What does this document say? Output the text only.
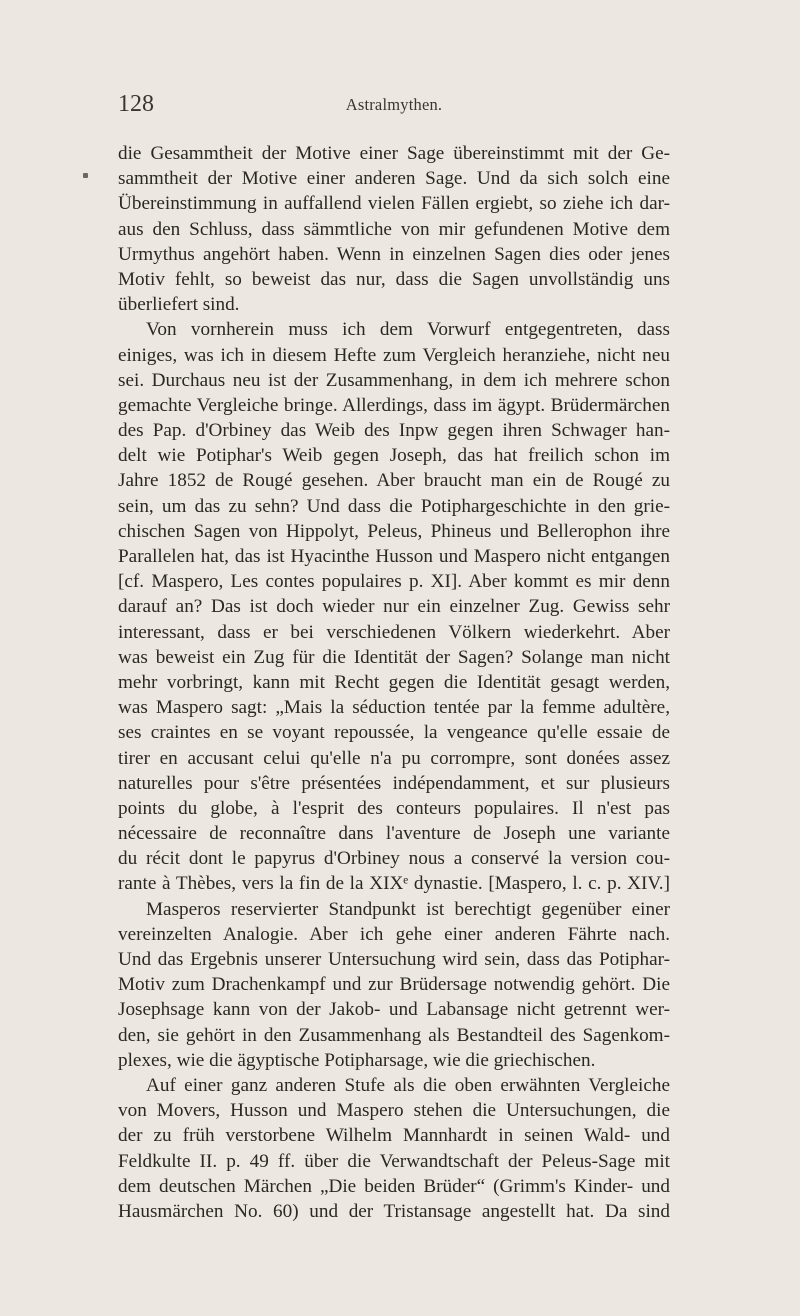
128	Astralmythen.
die Gesammtheit der Motive einer Sage übereinstimmt mit der Ge-
sammtheit der Motive einer anderen Sage. Und da sich solch eine
Übereinstimmung in auffallend vielen Fällen ergiebt, so ziehe ich dar-
aus den Schluss, dass sämmtliche von mir gefundenen Motive dem
Urmythus angehört haben. Wenn in einzelnen Sagen dies oder jenes
Motiv fehlt, so beweist das nur, dass die Sagen unvollständig uns
überliefert sind.
Von vornherein muss ich dem Vorwurf entgegentreten, dass
einiges, was ich in diesem Hefte zum Vergleich heranziehe, nicht neu
sei. Durchaus neu ist der Zusammenhang, in dem ich mehrere schon
gemachte Vergleiche bringe. Allerdings, dass im ägypt. Brüdermärchen
des Pap. d'Orbiney das Weib des Inpw gegen ihren Schwager han-
delt wie Potiphar's Weib gegen Joseph, das hat freilich schon im
Jahre 1852 de Rougé gesehen. Aber braucht man ein de Rougé zu
sein, um das zu sehn? Und dass die Potiphargeschichte in den grie-
chischen Sagen von Hippolyt, Peleus, Phineus und Bellerophon ihre
Parallelen hat, das ist Hyacinthe Husson und Maspero nicht entgangen
[cf. Maspero, Les contes populaires p. XI]. Aber kommt es mir denn
darauf an? Das ist doch wieder nur ein einzelner Zug. Gewiss sehr
interessant, dass er bei verschiedenen Völkern wiederkehrt. Aber
was beweist ein Zug für die Identität der Sagen? Solange man nicht
mehr vorbringt, kann mit Recht gegen die Identität gesagt werden,
was Maspero sagt: „Mais la séduction tentée par la femme adultère,
ses craintes en se voyant repoussée, la vengeance qu'elle essaie de
tirer en accusant celui qu'elle n'a pu corrompre, sont donées assez
naturelles pour s'être présentées indépendamment, et sur plusieurs
points du globe, à l'esprit des conteurs populaires. Il n'est pas
nécessaire de reconnaître dans l'aventure de Joseph une variante
du récit dont le papyrus d'Orbiney nous a conservé la version cou-
rante à Thèbes, vers la fin de la XIXᵉ dynastie. [Maspero, l. c. p. XIV.]
Masperos reservierter Standpunkt ist berechtigt gegenüber einer
vereinzelten Analogie. Aber ich gehe einer anderen Fährte nach.
Und das Ergebnis unserer Untersuchung wird sein, dass das Potiphar-
Motiv zum Drachenkampf und zur Brüdersage notwendig gehört. Die
Josephsage kann von der Jakob- und Labansage nicht getrennt wer-
den, sie gehört in den Zusammenhang als Bestandteil des Sagenkom-
plexes, wie die ägyptische Potipharsage, wie die griechischen.
Auf einer ganz anderen Stufe als die oben erwähnten Vergleiche
von Movers, Husson und Maspero stehen die Untersuchungen, die
der zu früh verstorbene Wilhelm Mannhardt in seinen Wald- und
Feldkulte II. p. 49 ff. über die Verwandtschaft der Peleus-Sage mit
dem deutschen Märchen „Die beiden Brüder“ (Grimm's Kinder- und
Hausmärchen No. 60) und der Tristansage angestellt hat. Da sind
